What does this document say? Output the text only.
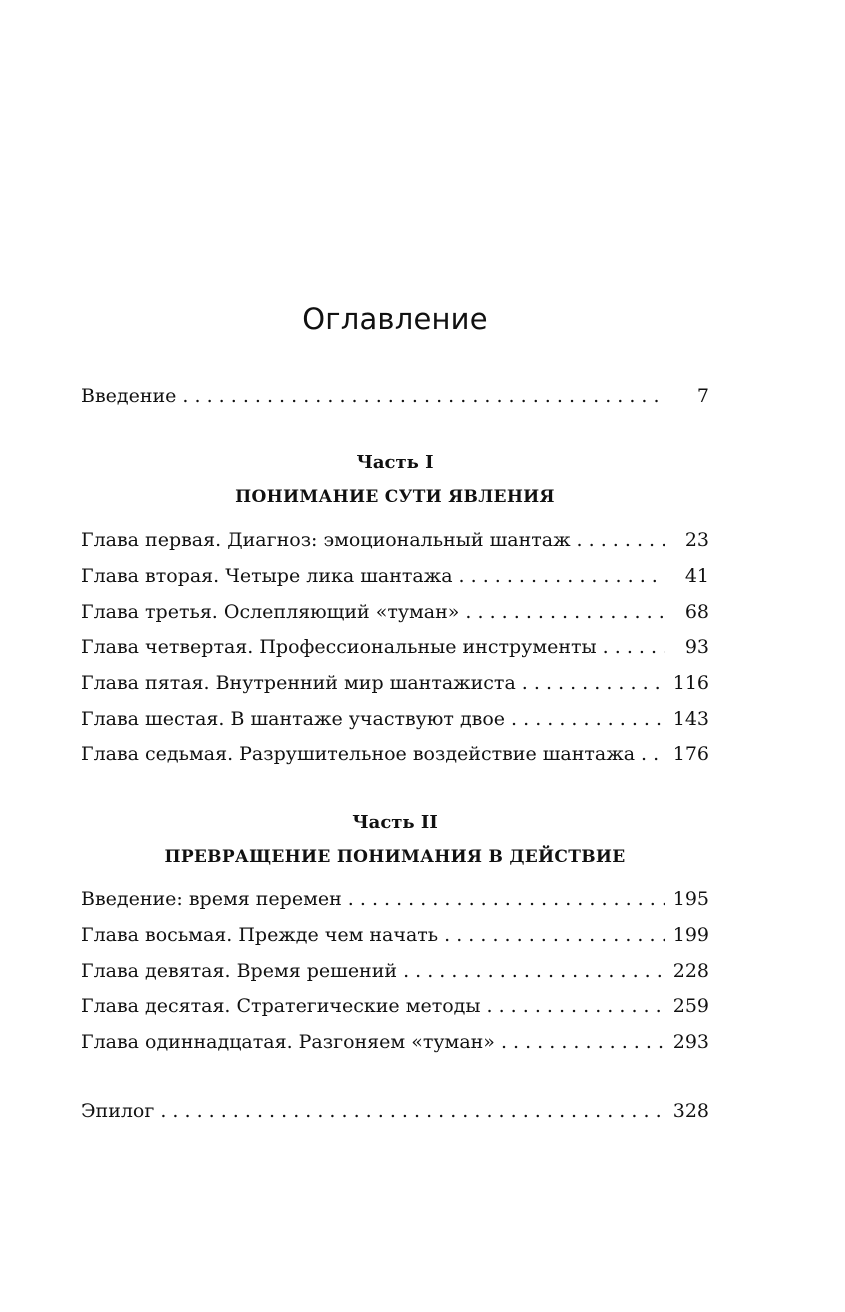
Оглавление
Введение . . .	7
Часть I
ПОНИМАНИЕ СУТИ ЯВЛЕНИЯ
Глава первая. Диагноз: эмоциональный шантаж . . .	23
Глава вторая. Четыре лика шантажа . . .	41
Глава третья. Ослепляющий «туман» . . .	68
Глава четвертая. Профессиональные инструменты . . .	93
Глава пятая. Внутренний мир шантажиста . . .	116
Глава шестая. В шантаже участвуют двое . . .	143
Глава седьмая. Разрушительное воздействие шантажа . . .	176
Часть II
ПРЕВРАЩЕНИЕ ПОНИМАНИЯ В ДЕЙСТВИЕ
Введение: время перемен . . .	195
Глава восьмая. Прежде чем начать . . .	199
Глава девятая. Время решений . . .	228
Глава десятая. Стратегические методы . . .	259
Глава одиннадцатая. Разгоняем «туман» . . .	293
Эпилог . . .	328
